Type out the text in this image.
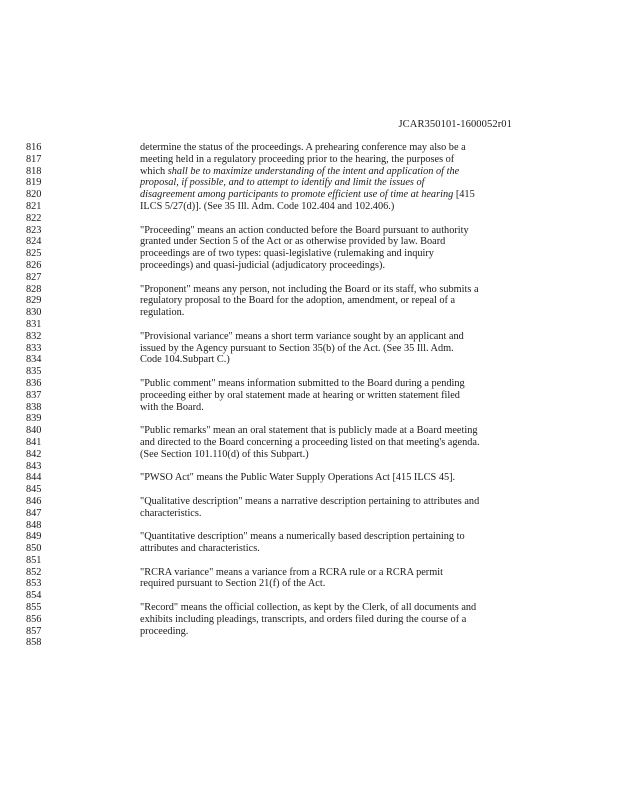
JCAR350101-1600052r01
816	determine the status of the proceedings. A prehearing conference may also be a
817	meeting held in a regulatory proceeding prior to the hearing, the purposes of
818	which shall be to maximize understanding of the intent and application of the
819	proposal, if possible, and to attempt to identify and limit the issues of
820	disagreement among participants to promote efficient use of time at hearing [415
821	ILCS 5/27(d)]. (See 35 Ill. Adm. Code 102.404 and 102.406.)
822
823	"Proceeding" means an action conducted before the Board pursuant to authority
824	granted under Section 5 of the Act or as otherwise provided by law. Board
825	proceedings are of two types: quasi-legislative (rulemaking and inquiry
826	proceedings) and quasi-judicial (adjudicatory proceedings).
827
828	"Proponent" means any person, not including the Board or its staff, who submits a
829	regulatory proposal to the Board for the adoption, amendment, or repeal of a
830	regulation.
831
832	"Provisional variance" means a short term variance sought by an applicant and
833	issued by the Agency pursuant to Section 35(b) of the Act. (See 35 Ill. Adm.
834	Code 104.Subpart C.)
835
836	"Public comment" means information submitted to the Board during a pending
837	proceeding either by oral statement made at hearing or written statement filed
838	with the Board.
839
840	"Public remarks" mean an oral statement that is publicly made at a Board meeting
841	and directed to the Board concerning a proceeding listed on that meeting's agenda.
842	(See Section 101.110(d) of this Subpart.)
843
844	"PWSO Act" means the Public Water Supply Operations Act [415 ILCS 45].
845
846	"Qualitative description" means a narrative description pertaining to attributes and
847	characteristics.
848
849	"Quantitative description" means a numerically based description pertaining to
850	attributes and characteristics.
851
852	"RCRA variance" means a variance from a RCRA rule or a RCRA permit
853	required pursuant to Section 21(f) of the Act.
854
855	"Record" means the official collection, as kept by the Clerk, of all documents and
856	exhibits including pleadings, transcripts, and orders filed during the course of a
857	proceeding.
858
